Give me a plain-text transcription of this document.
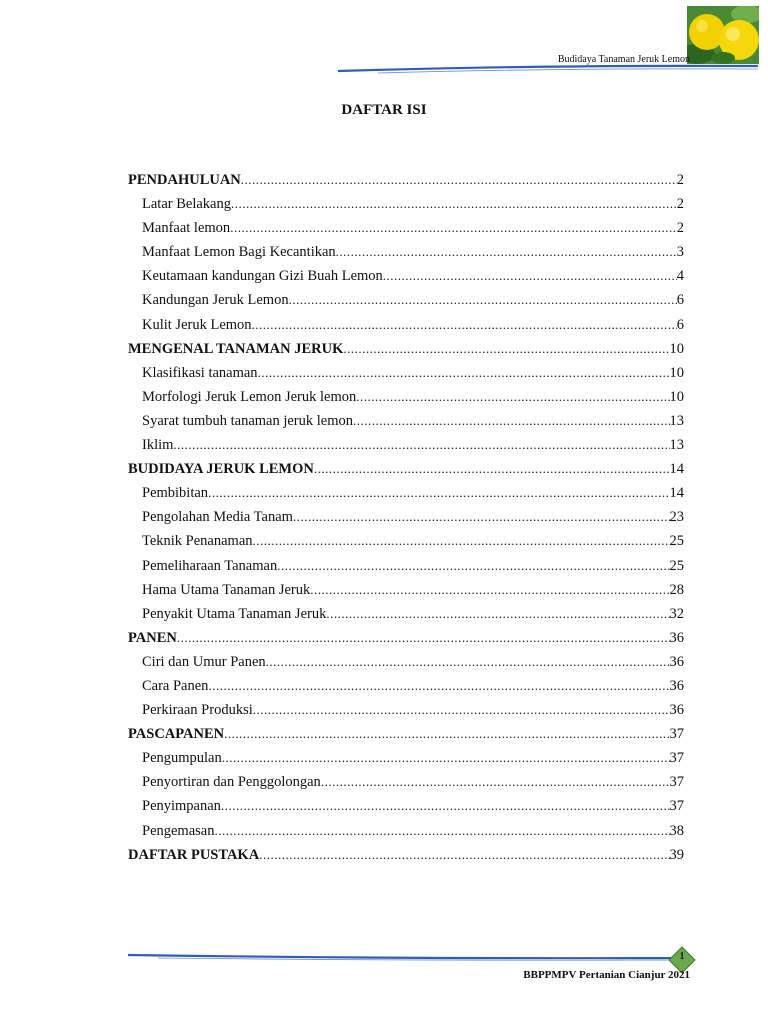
Budidaya Tanaman Jeruk Lemon
DAFTAR ISI
PENDAHULUAN .....	2
Latar Belakang .....	2
Manfaat lemon .....	2
Manfaat Lemon Bagi Kecantikan .....	3
Keutamaan kandungan Gizi Buah Lemon .....	4
Kandungan Jeruk Lemon .....	6
Kulit Jeruk Lemon .....	6
MENGENAL TANAMAN JERUK .....	10
Klasifikasi tanaman .....	10
Morfologi Jeruk Lemon Jeruk lemon .....	10
Syarat tumbuh tanaman jeruk lemon .....	13
Iklim .....	13
BUDIDAYA JERUK LEMON .....	14
Pembibitan .....	14
Pengolahan Media Tanam .....	23
Teknik Penanaman .....	25
Pemeliharaan Tanaman .....	25
Hama Utama Tanaman Jeruk .....	28
Penyakit Utama Tanaman Jeruk .....	32
PANEN .....	36
Ciri dan Umur Panen .....	36
Cara Panen .....	36
Perkiraan Produksi .....	36
PASCAPANEN .....	37
Pengumpulan .....	37
Penyortiran dan Penggolongan .....	37
Penyimpanan .....	37
Pengemasan .....	38
DAFTAR PUSTAKA .....	39
1
BBPPMPV Pertanian Cianjur 2021
